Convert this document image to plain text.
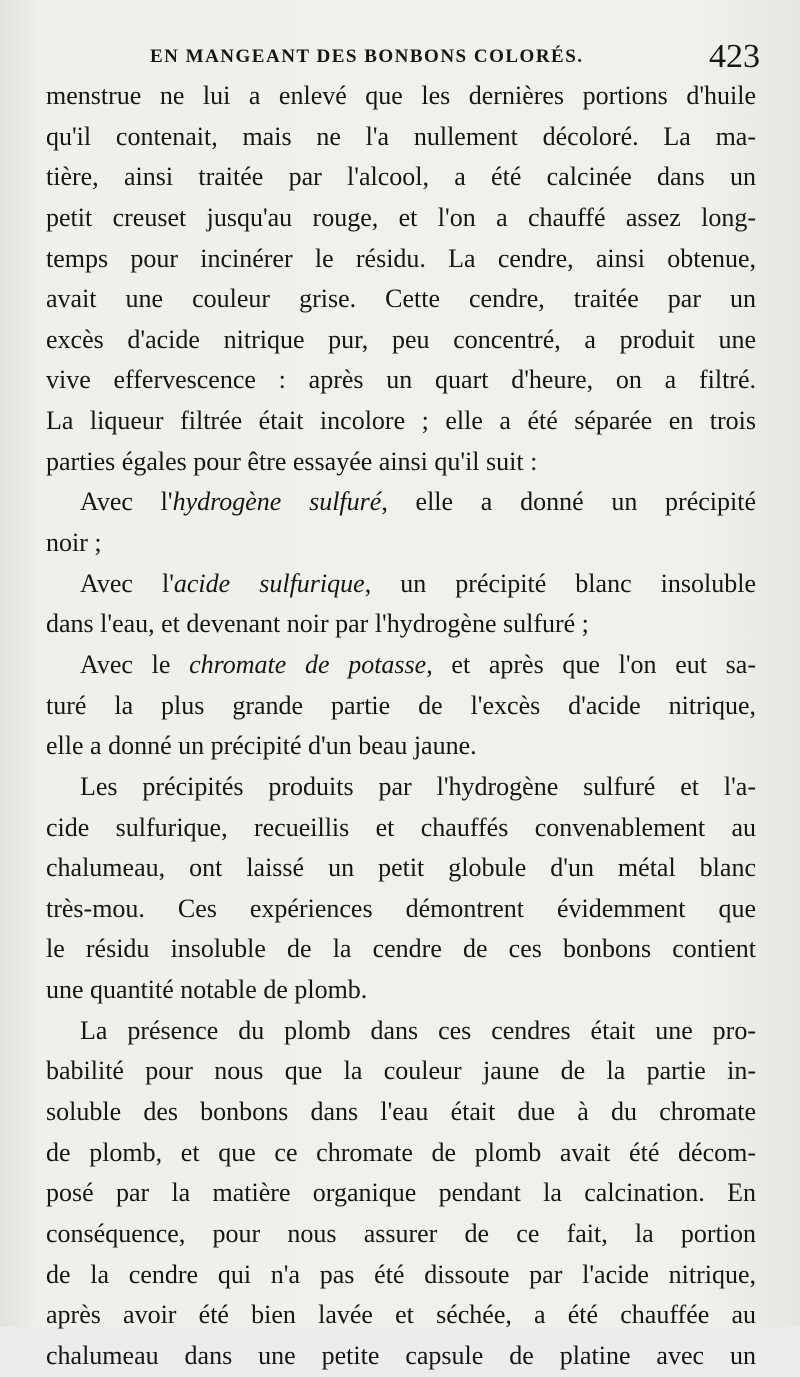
EN MANGEANT DES BONBONS COLORÉS.	423
menstrue ne lui a enlevé que les dernières portions d'huile
qu'il contenait, mais ne l'a nullement décoloré. La ma-
tière, ainsi traitée par l'alcool, a été calcinée dans un
petit creuset jusqu'au rouge, et l'on a chauffé assez long-
temps pour incinérer le résidu. La cendre, ainsi obtenue,
avait une couleur grise. Cette cendre, traitée par un
excès d'acide nitrique pur, peu concentré, a produit une
vive effervescence : après un quart d'heure, on a filtré.
La liqueur filtrée était incolore ; elle a été séparée en trois
parties égales pour être essayée ainsi qu'il suit :
Avec l'hydrogène sulfuré, elle a donné un précipité
noir ;
Avec l'acide sulfurique, un précipité blanc insoluble
dans l'eau, et devenant noir par l'hydrogène sulfuré ;
Avec le chromate de potasse, et après que l'on eut sa-
turé la plus grande partie de l'excès d'acide nitrique,
elle a donné un précipité d'un beau jaune.
Les précipités produits par l'hydrogène sulfuré et l'a-
cide sulfurique, recueillis et chauffés convenablement au
chalumeau, ont laissé un petit globule d'un métal blanc
très-mou. Ces expériences démontrent évidemment que
le résidu insoluble de la cendre de ces bonbons contient
une quantité notable de plomb.
La présence du plomb dans ces cendres était une pro-
babilité pour nous que la couleur jaune de la partie in-
soluble des bonbons dans l'eau était due à du chromate
de plomb, et que ce chromate de plomb avait été décom-
posé par la matière organique pendant la calcination. En
conséquence, pour nous assurer de ce fait, la portion
de la cendre qui n'a pas été dissoute par l'acide nitrique,
après avoir été bien lavée et séchée, a été chauffée au
chalumeau dans une petite capsule de platine avec un
